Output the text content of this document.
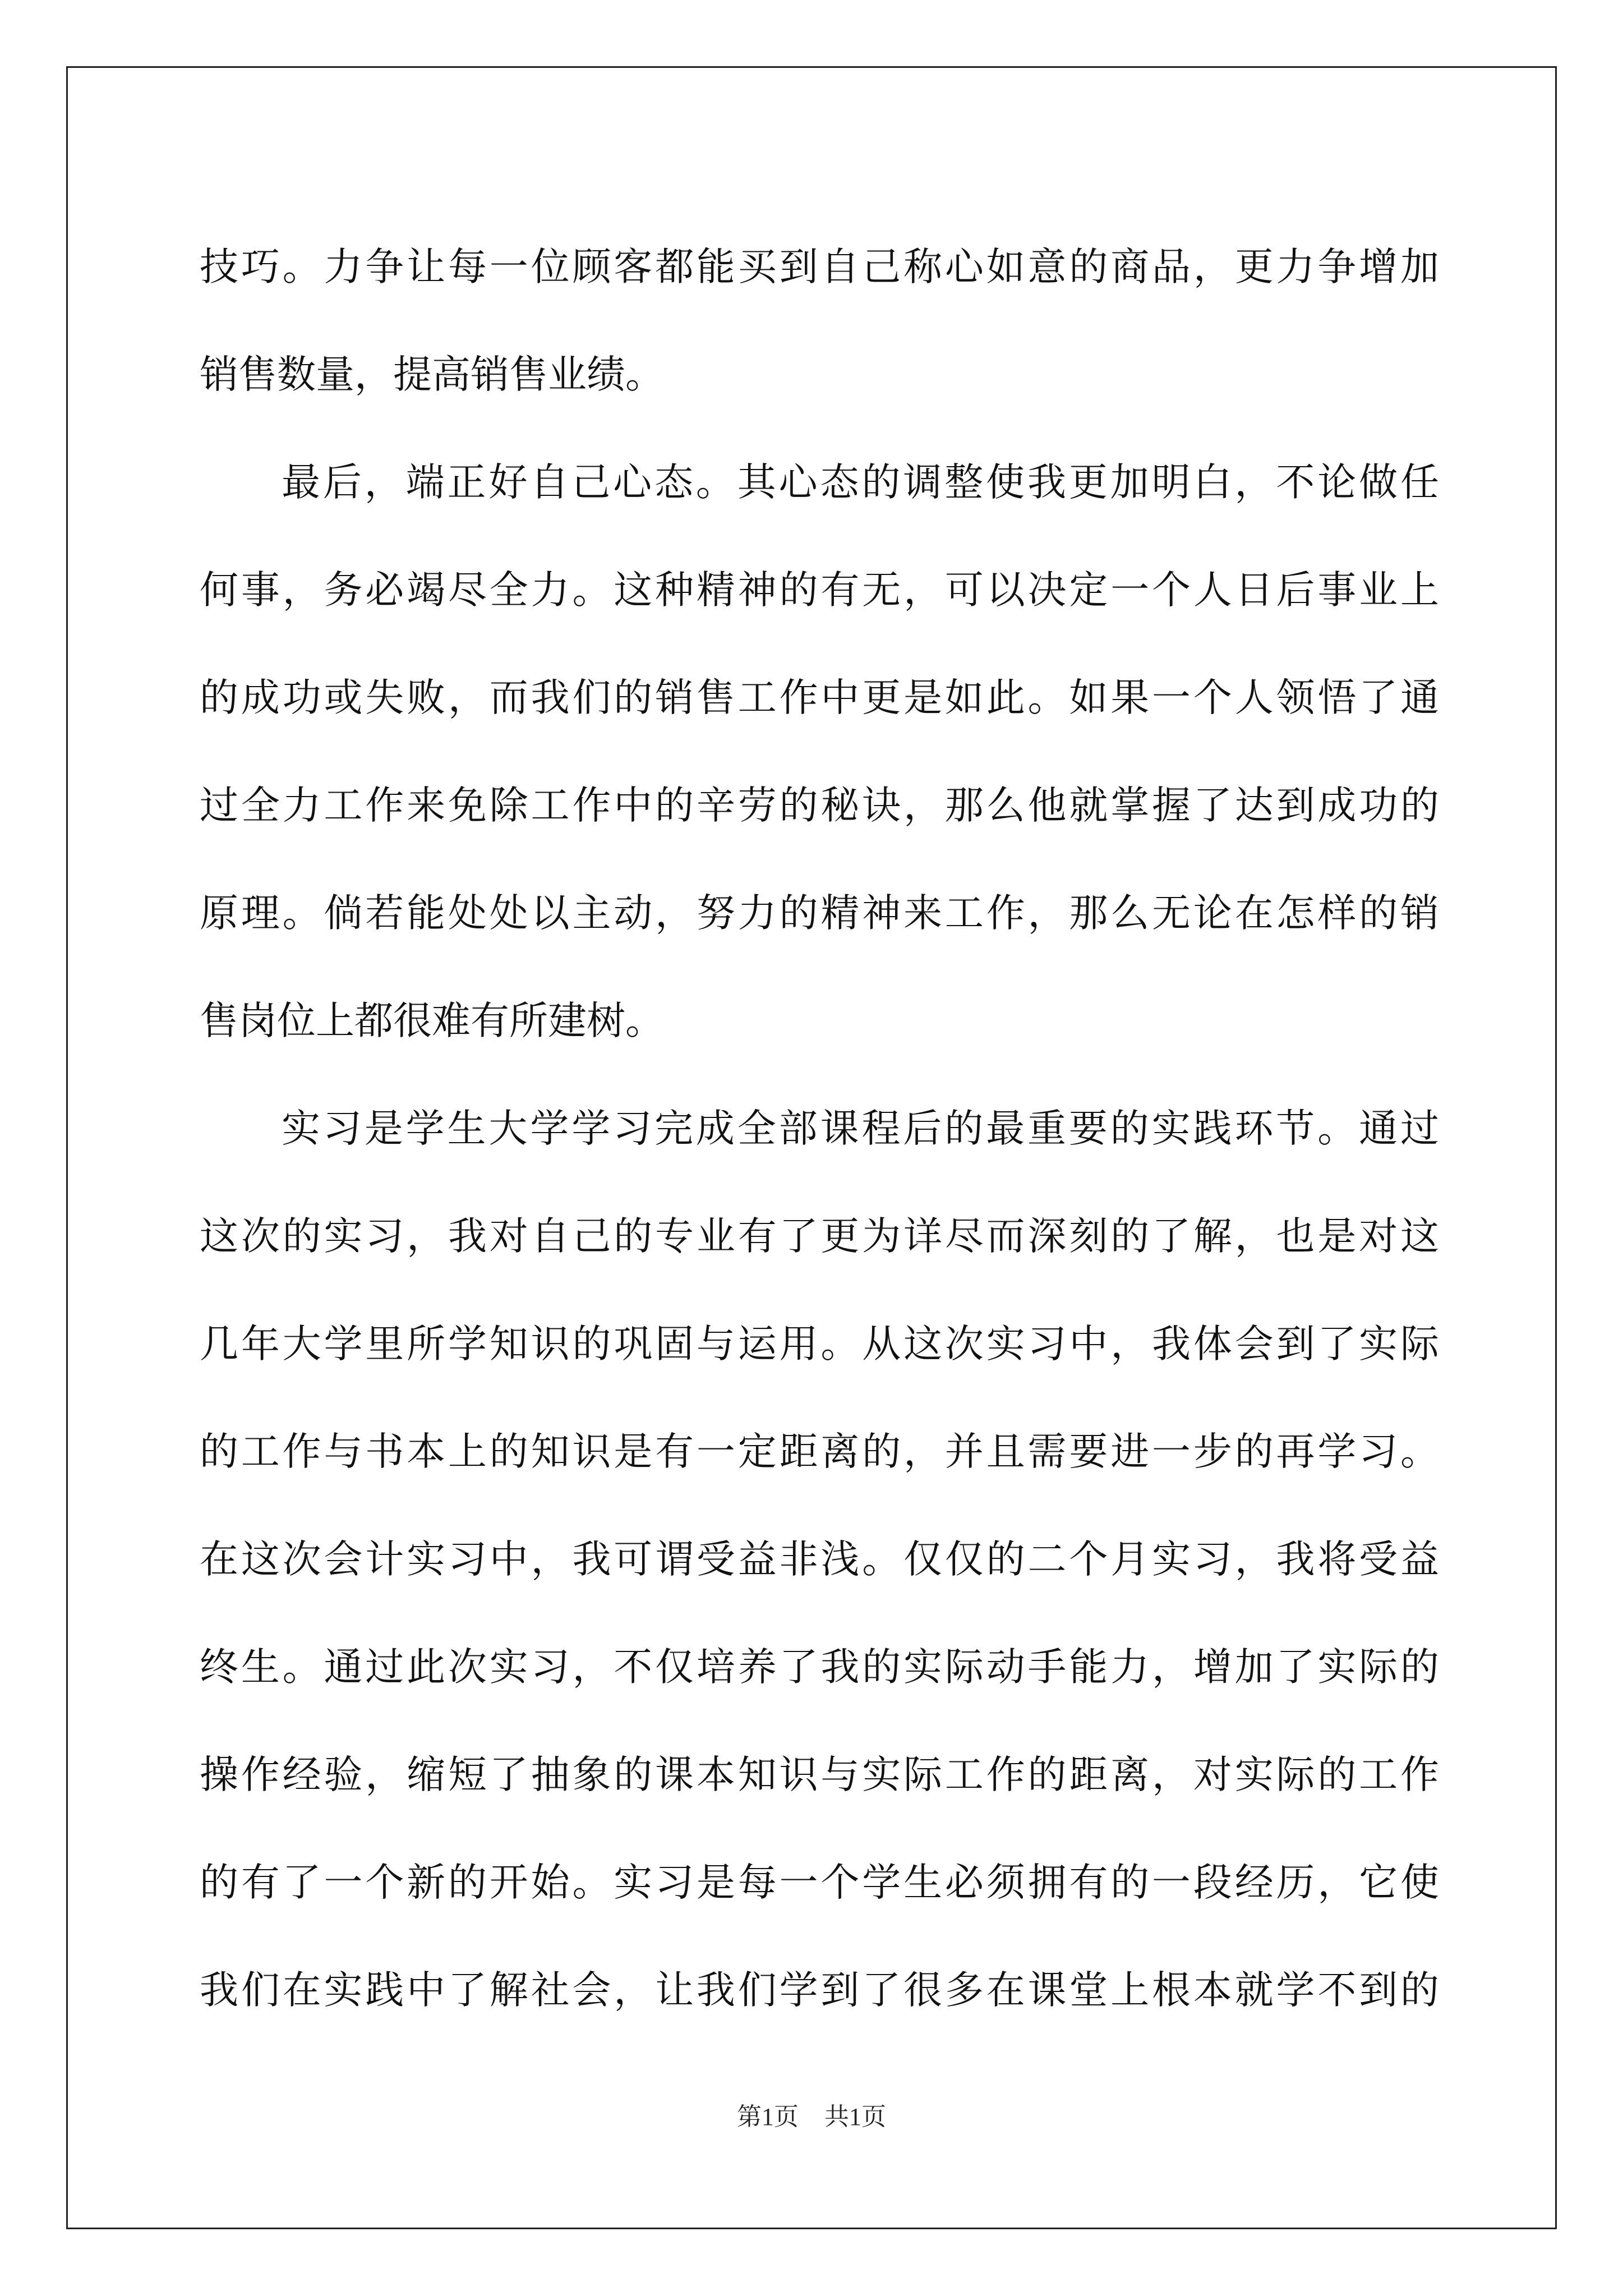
技巧。力争让每一位顾客都能买到自己称心如意的商品，更力争增加
销售数量，提高销售业绩。
最后，端正好自己心态。其心态的调整使我更加明白，不论做任
何事，务必竭尽全力。这种精神的有无，可以决定一个人日后事业上
的成功或失败，而我们的销售工作中更是如此。如果一个人领悟了通
过全力工作来免除工作中的辛劳的秘诀，那么他就掌握了达到成功的
原理。倘若能处处以主动，努力的精神来工作，那么无论在怎样的销
售岗位上都很难有所建树。
实习是学生大学学习完成全部课程后的最重要的实践环节。通过
这次的实习，我对自己的专业有了更为详尽而深刻的了解，也是对这
几年大学里所学知识的巩固与运用。从这次实习中，我体会到了实际
的工作与书本上的知识是有一定距离的，并且需要进一步的再学习。
在这次会计实习中，我可谓受益非浅。仅仅的二个月实习，我将受益
终生。通过此次实习，不仅培养了我的实际动手能力，增加了实际的
操作经验，缩短了抽象的课本知识与实际工作的距离，对实际的工作
的有了一个新的开始。实习是每一个学生必须拥有的一段经历，它使
我们在实践中了解社会，让我们学到了很多在课堂上根本就学不到的
第1页 共1页
